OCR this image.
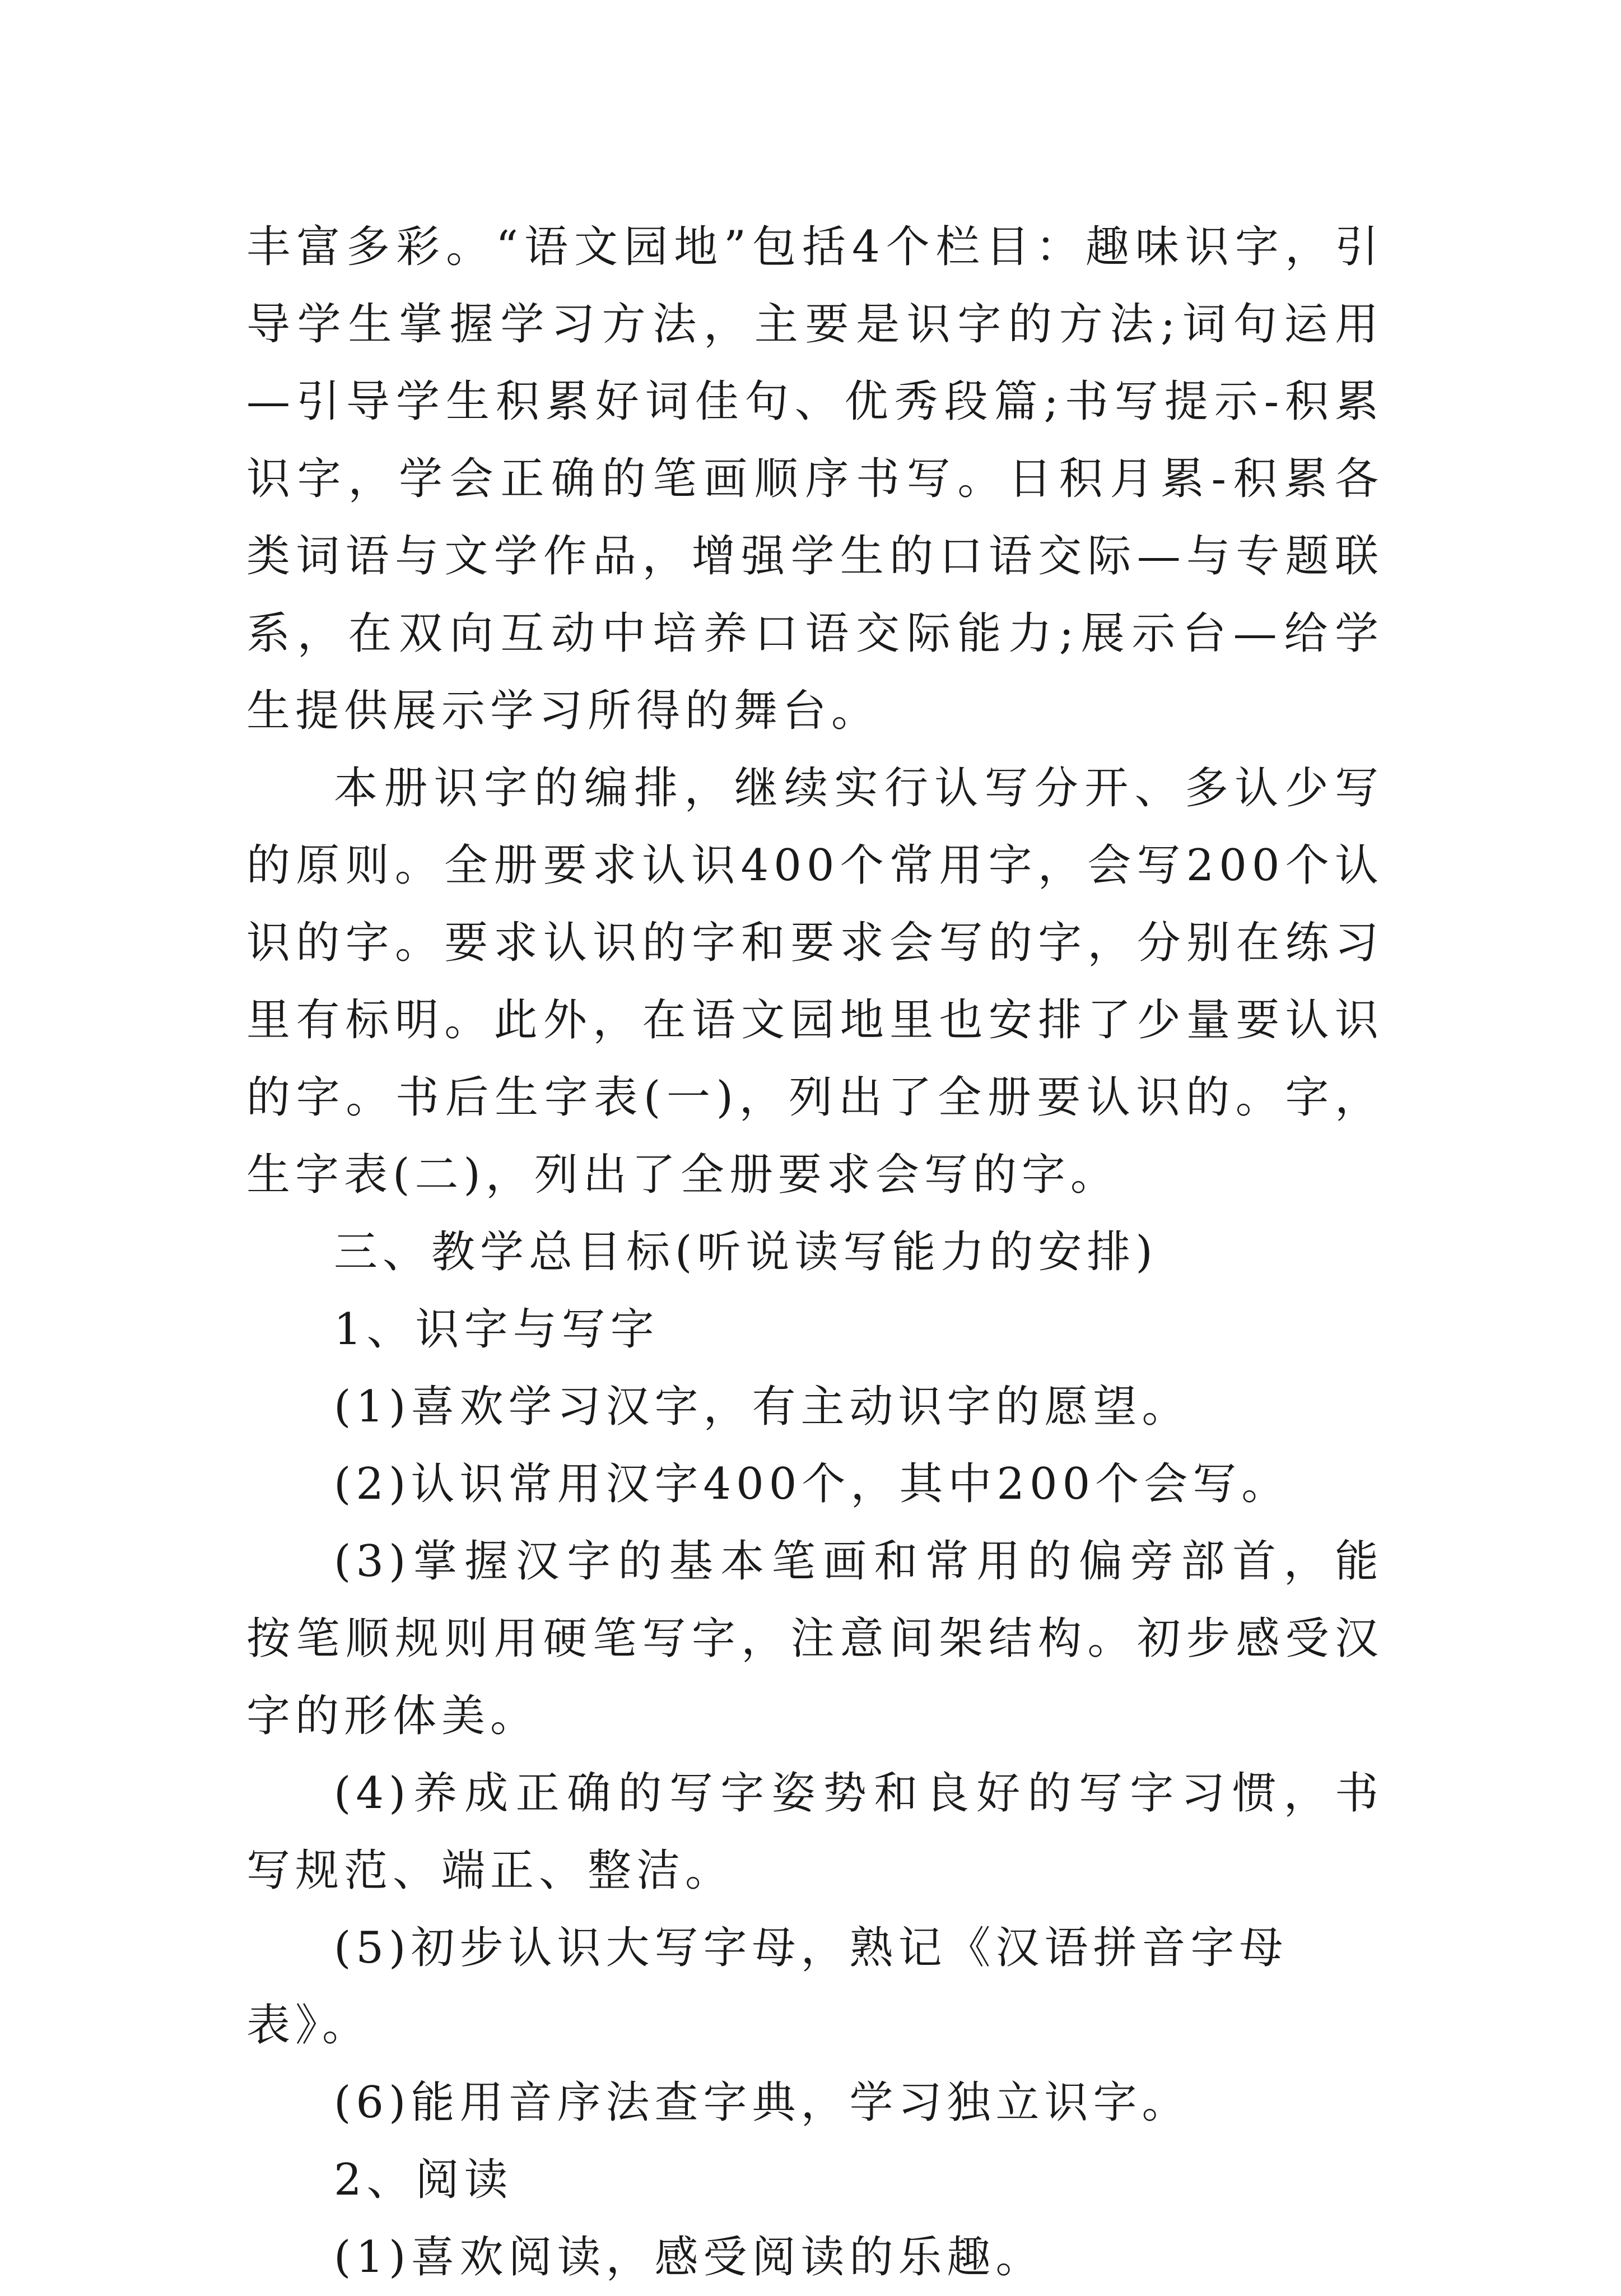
丰富多彩。“语文园地”包括4个栏目：趣味识字，引导学生掌握学习方法，主要是识字的方法;词句运用—引导学生积累好词佳句、优秀段篇;书写提示-积累识字，学会正确的笔画顺序书写。日积月累-积累各类词语与文学作品，增强学生的口语交际—与专题联系，在双向互动中培养口语交际能力;展示台—给学生提供展示学习所得的舞台。

本册识字的编排，继续实行认写分开、多认少写的原则。全册要求认识400个常用字，会写200个认识的字。要求认识的字和要求会写的字，分别在练习里有标明。此外，在语文园地里也安排了少量要认识的字。书后生字表(一)，列出了全册要认识的。字，生字表(二)，列出了全册要求会写的字。

三、教学总目标(听说读写能力的安排)

1、识字与写字

(1)喜欢学习汉字，有主动识字的愿望。

(2)认识常用汉字400个，其中200个会写。

(3)掌握汉字的基本笔画和常用的偏旁部首，能按笔顺规则用硬笔写字，注意间架结构。初步感受汉字的形体美。

(4)养成正确的写字姿势和良好的写字习惯，书写规范、端正、整洁。

(5)初步认识大写字母，熟记《汉语拼音字母表》。

(6)能用音序法查字典，学习独立识字。

2、阅读

(1)喜欢阅读，感受阅读的乐趣。
